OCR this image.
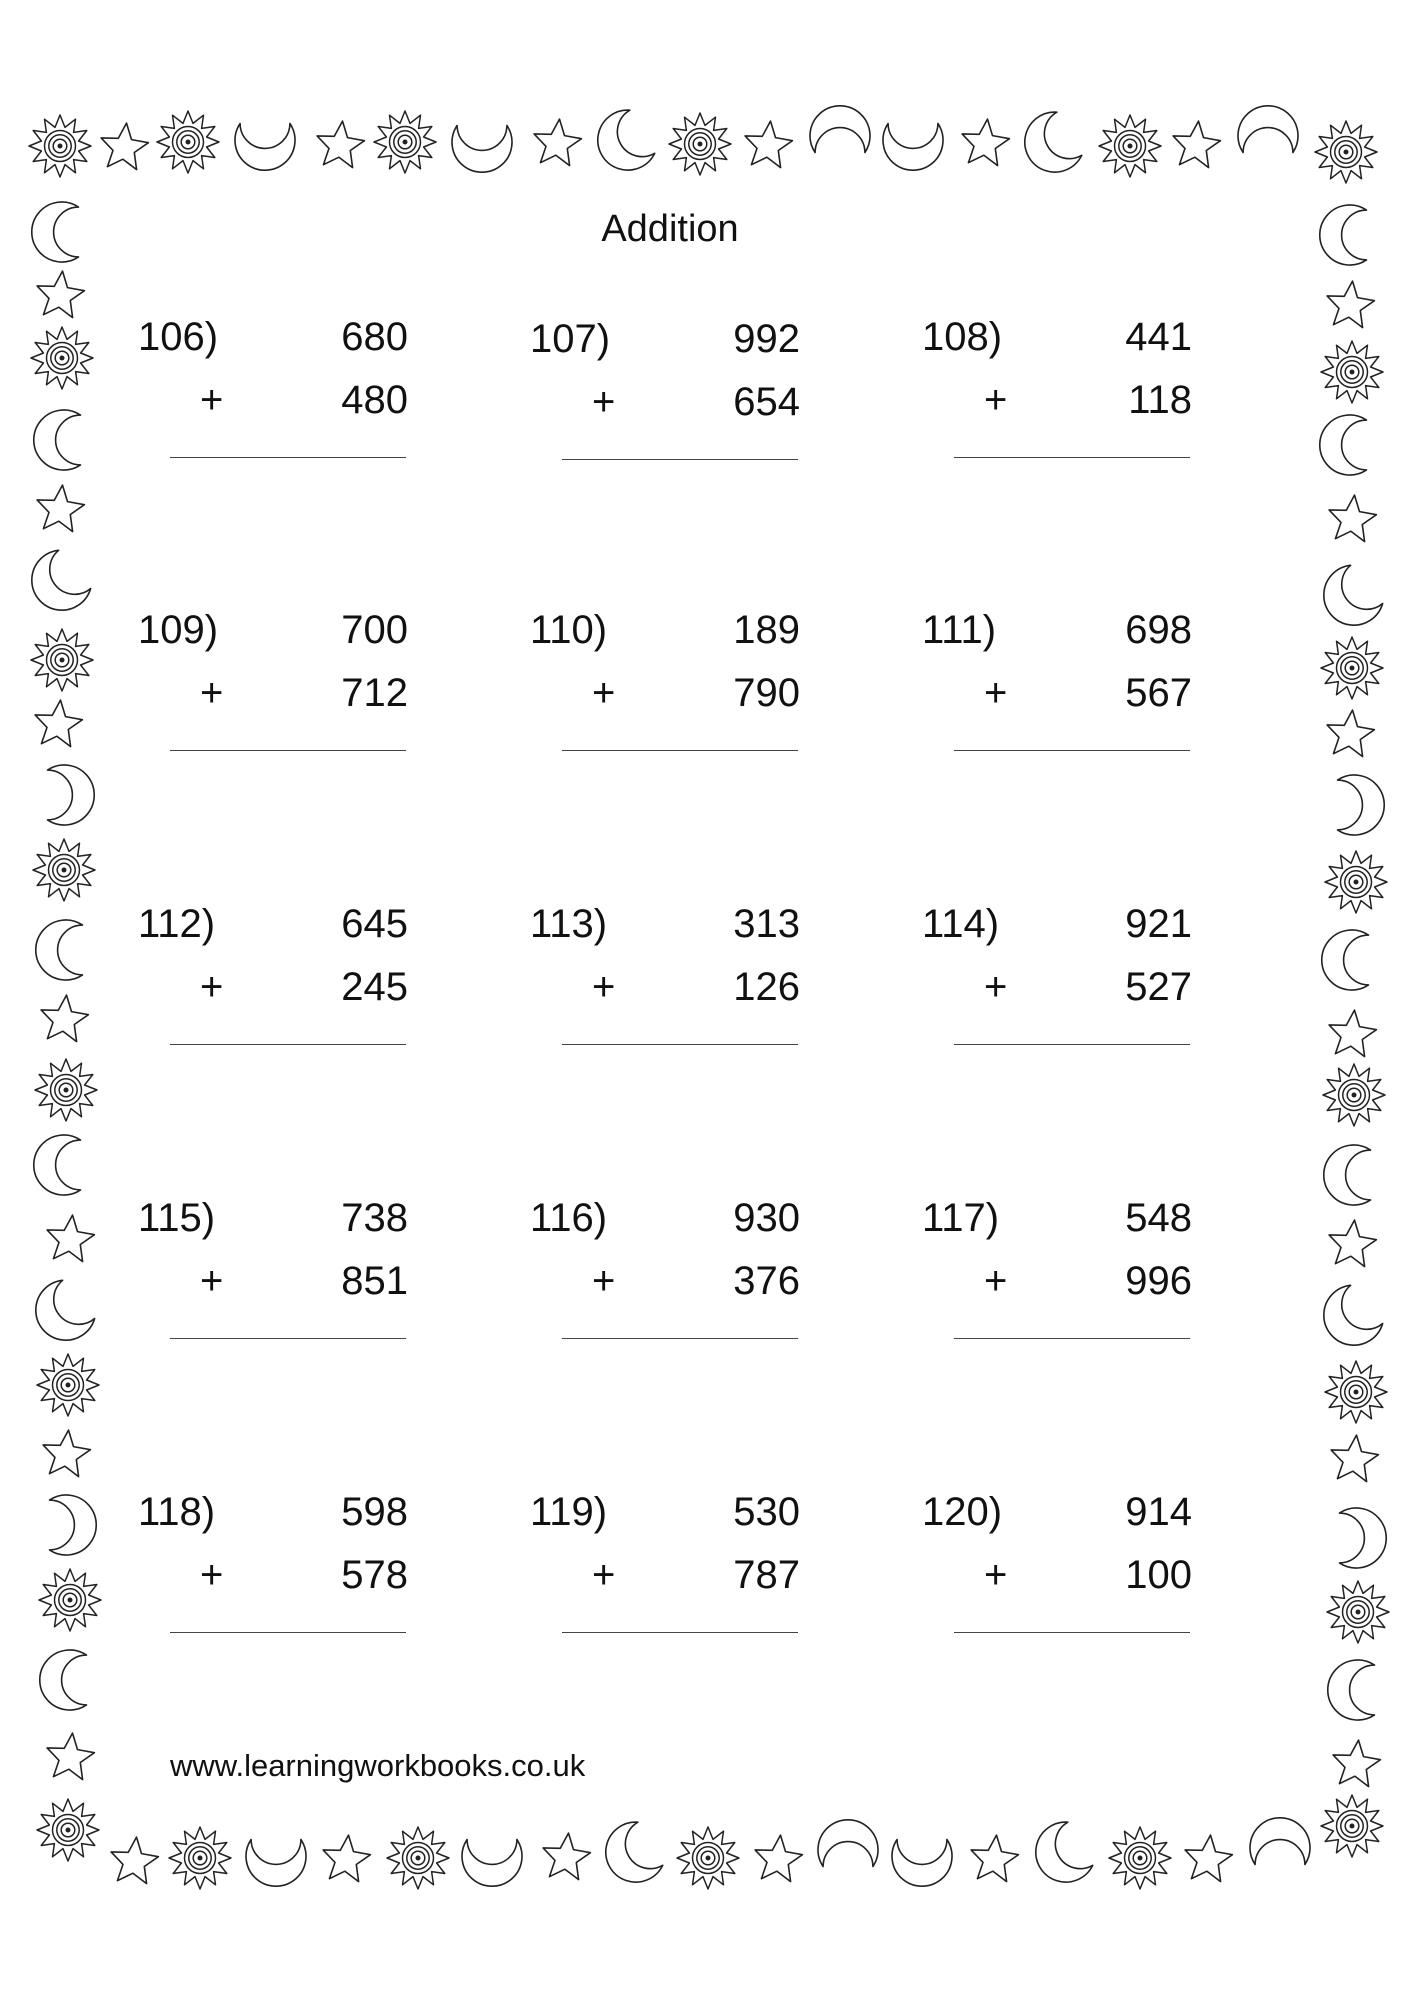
Addition
106)	680
+	480
107)	992
+	654
108)	441
+	118
109)	700
+	712
110)	189
+	790
111)	698
+	567
112)	645
+	245
113)	313
+	126
114)	921
+	527
115)	738
+	851
116)	930
+	376
117)	548
+	996
118)	598
+	578
119)	530
+	787
120)	914
+	100
www.learningworkbooks.co.uk
